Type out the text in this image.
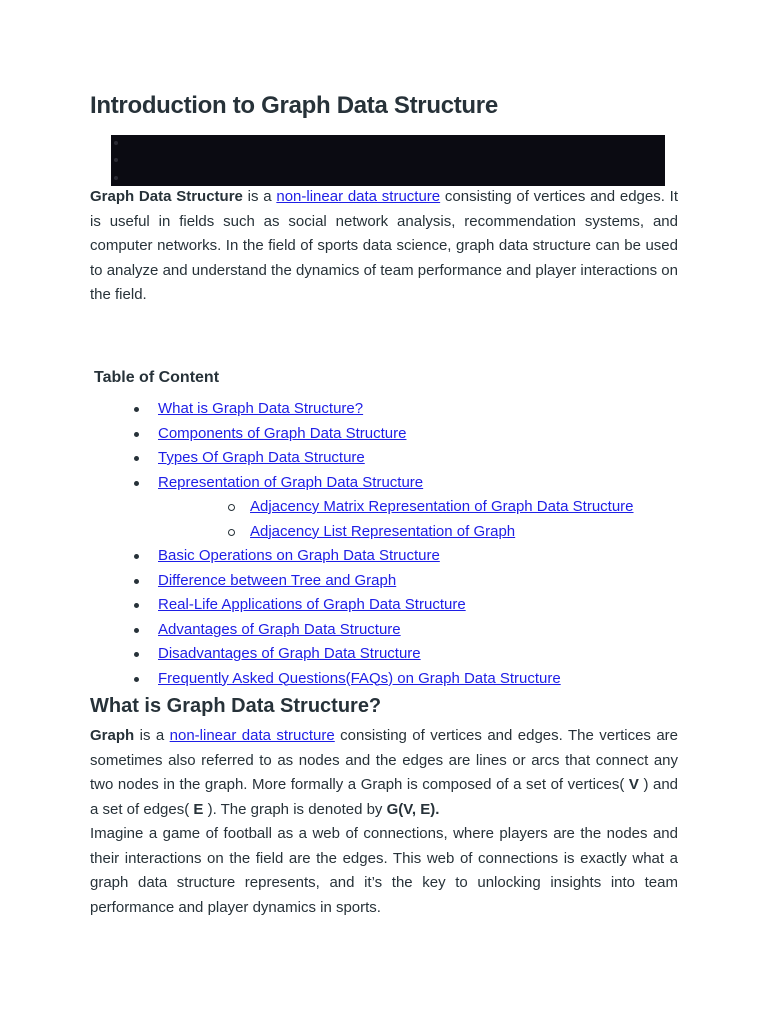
Introduction to Graph Data Structure

Graph Data Structure is a non-linear data structure consisting of vertices and edges. It is useful in fields such as social network analysis, recommendation systems, and computer networks. In the field of sports data science, graph data structure can be used to analyze and understand the dynamics of team performance and player interactions on the field.

Table of Content

What is Graph Data Structure?
Components of Graph Data Structure
Types Of Graph Data Structure
Representation of Graph Data Structure
Adjacency Matrix Representation of Graph Data Structure
Adjacency List Representation of Graph
Basic Operations on Graph Data Structure
Difference between Tree and Graph
Real-Life Applications of Graph Data Structure
Advantages of Graph Data Structure
Disadvantages of Graph Data Structure
Frequently Asked Questions(FAQs) on Graph Data Structure
What is Graph Data Structure?

Graph is a non-linear data structure consisting of vertices and edges. The vertices are sometimes also referred to as nodes and the edges are lines or arcs that connect any two nodes in the graph. More formally a Graph is composed of a set of vertices( V ) and a set of edges( E ). The graph is denoted by G(V, E).

Imagine a game of football as a web of connections, where players are the nodes and their interactions on the field are the edges. This web of connections is exactly what a graph data structure represents, and it’s the key to unlocking insights into team performance and player dynamics in sports.
